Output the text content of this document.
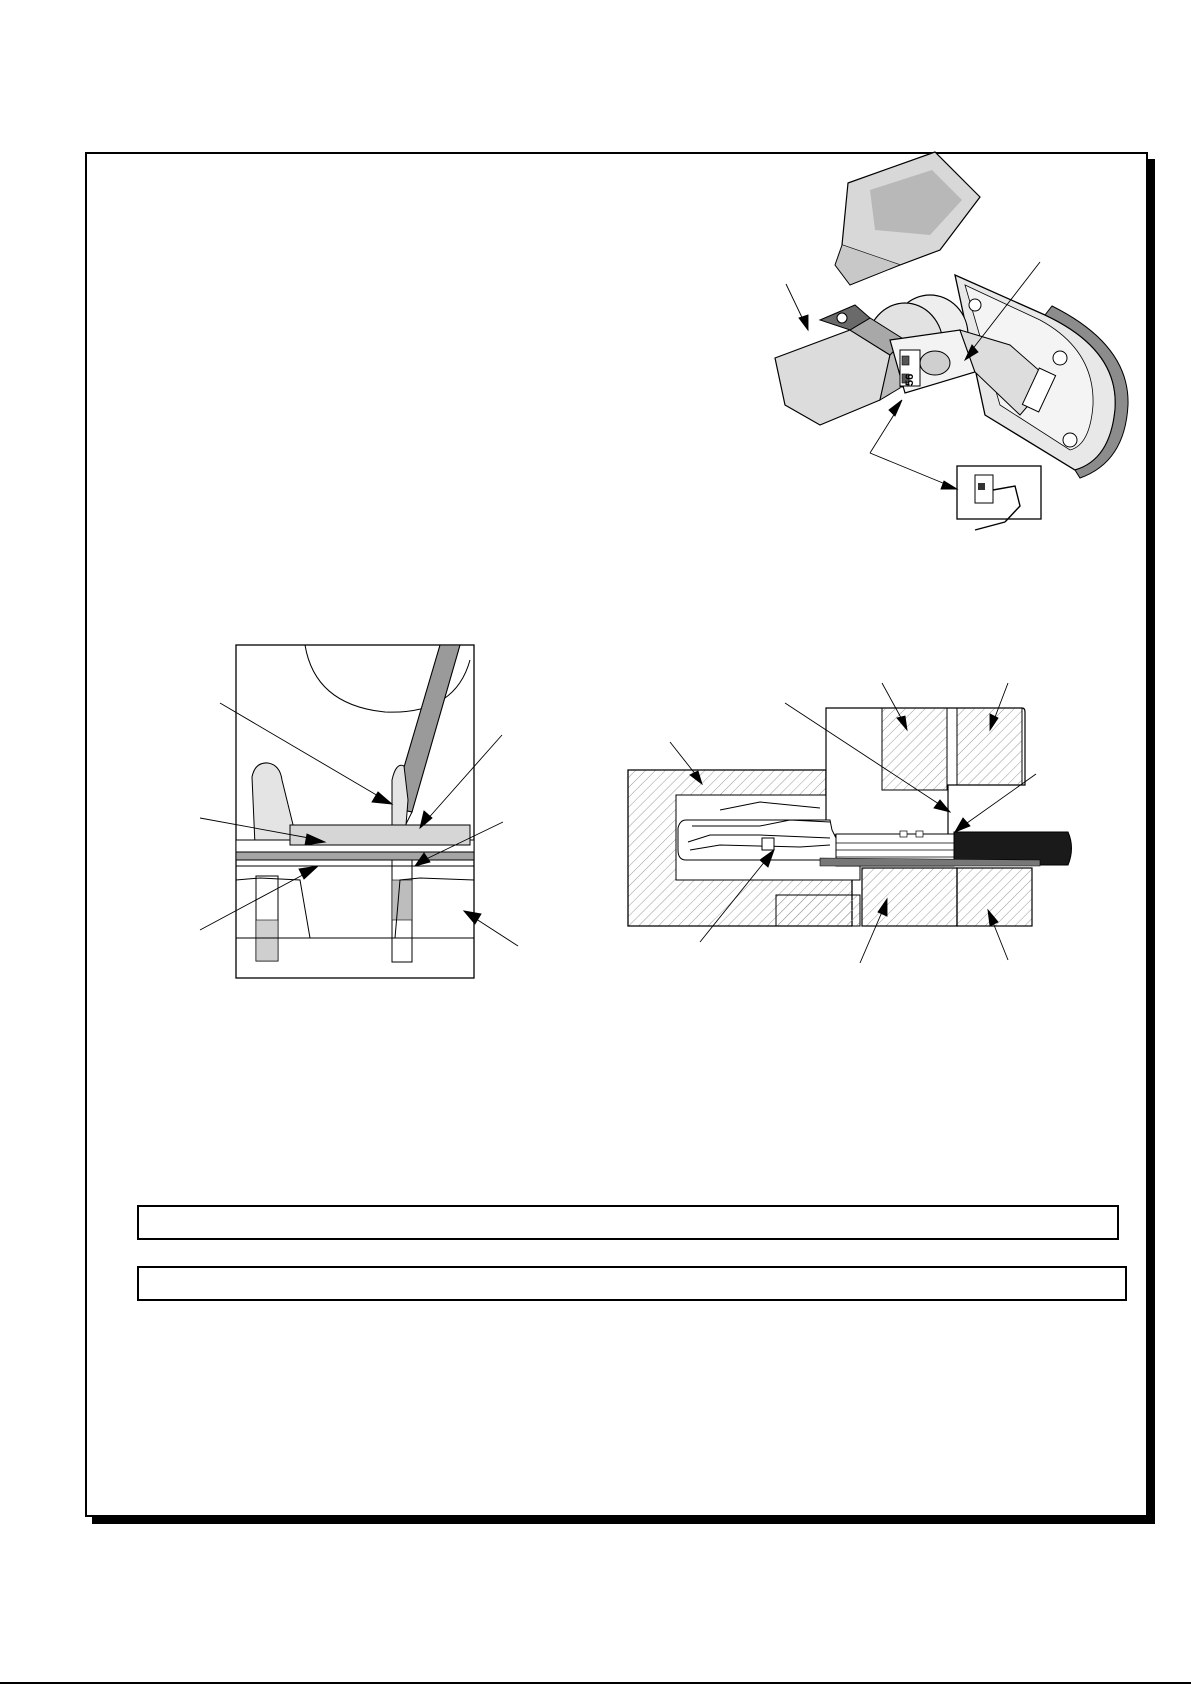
56
